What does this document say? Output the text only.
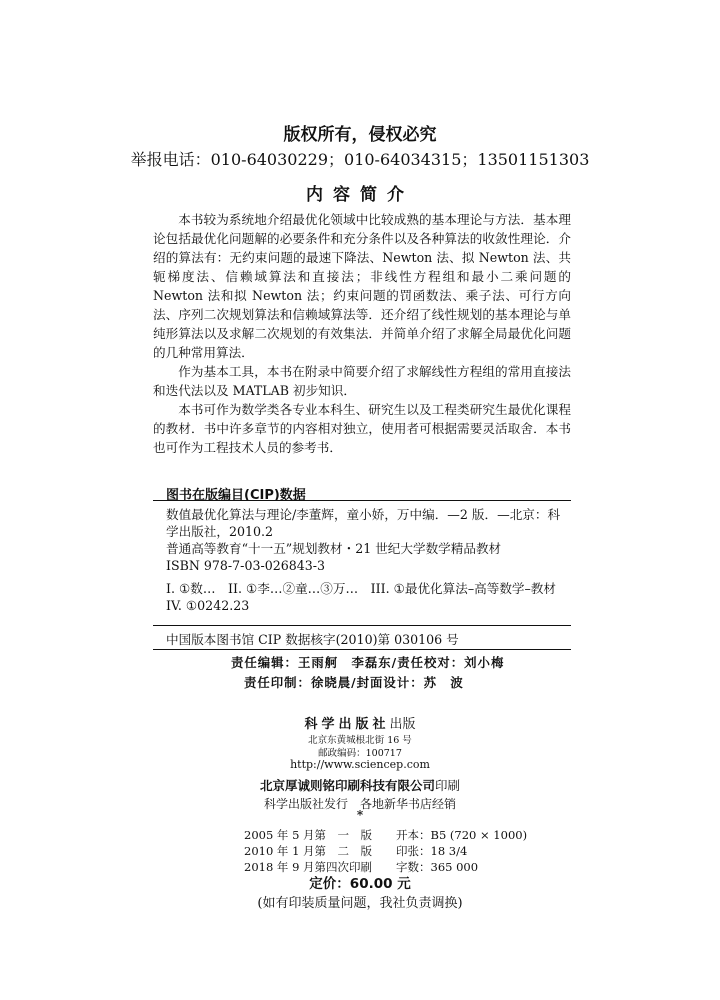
版权所有，侵权必究
举报电话：010-64030229；010-64034315；13501151303
内容简介

本书较为系统地介绍最优化领域中比较成熟的基本理论与方法．基本理论包括最优化问题解的必要条件和充分条件以及各种算法的收敛性理论．介绍的算法有：无约束问题的最速下降法、Newton 法、拟 Newton 法、共轭梯度法、信赖域算法和直接法；非线性方程组和最小二乘问题的 Newton 法和拟 Newton 法；约束问题的罚函数法、乘子法、可行方向法、序列二次规划算法和信赖域算法等．还介绍了线性规划的基本理论与单纯形算法以及求解二次规划的有效集法．并简单介绍了求解全局最优化问题的几种常用算法．

作为基本工具，本书在附录中简要介绍了求解线性方程组的常用直接法和迭代法以及 MATLAB 初步知识．

本书可作为数学类各专业本科生、研究生以及工程类研究生最优化课程的教材．书中许多章节的内容相对独立，使用者可根据需要灵活取舍．本书也可作为工程技术人员的参考书．

图书在版编目(CIP)数据

数值最优化算法与理论/李董辉，童小娇，万中编．—2 版．—北京：科学出版社，2010.2

普通高等教育“十一五”规划教材・21 世纪大学数学精品教材

ISBN 978-7-03-026843-3

I. ①数…　II. ①李…②童…③万…　III. ①最优化算法–高等数学–教材 IV. ①0242.23

中国版本图书馆 CIP 数据核字(2010)第 030106 号
责任编辑：王雨舸　李磊东/责任校对：刘小梅
责任印制：徐晓晨/封面设计：苏　波
科学出版社出版
北京东黄城根北街 16 号
邮政编码：100717
http://www.sciencep.com
北京厚诚则铭印刷科技有限公司印刷
科学出版社发行　各地新华书店经销
*
2005 年 5 月第　一　版 开本：B5 (720 × 1000)
2010 年 1 月第　二　版 印张：18 3/4
2018 年 9 月第四次印刷 字数：365 000
定价：60.00 元
(如有印装质量问题，我社负责调换)
